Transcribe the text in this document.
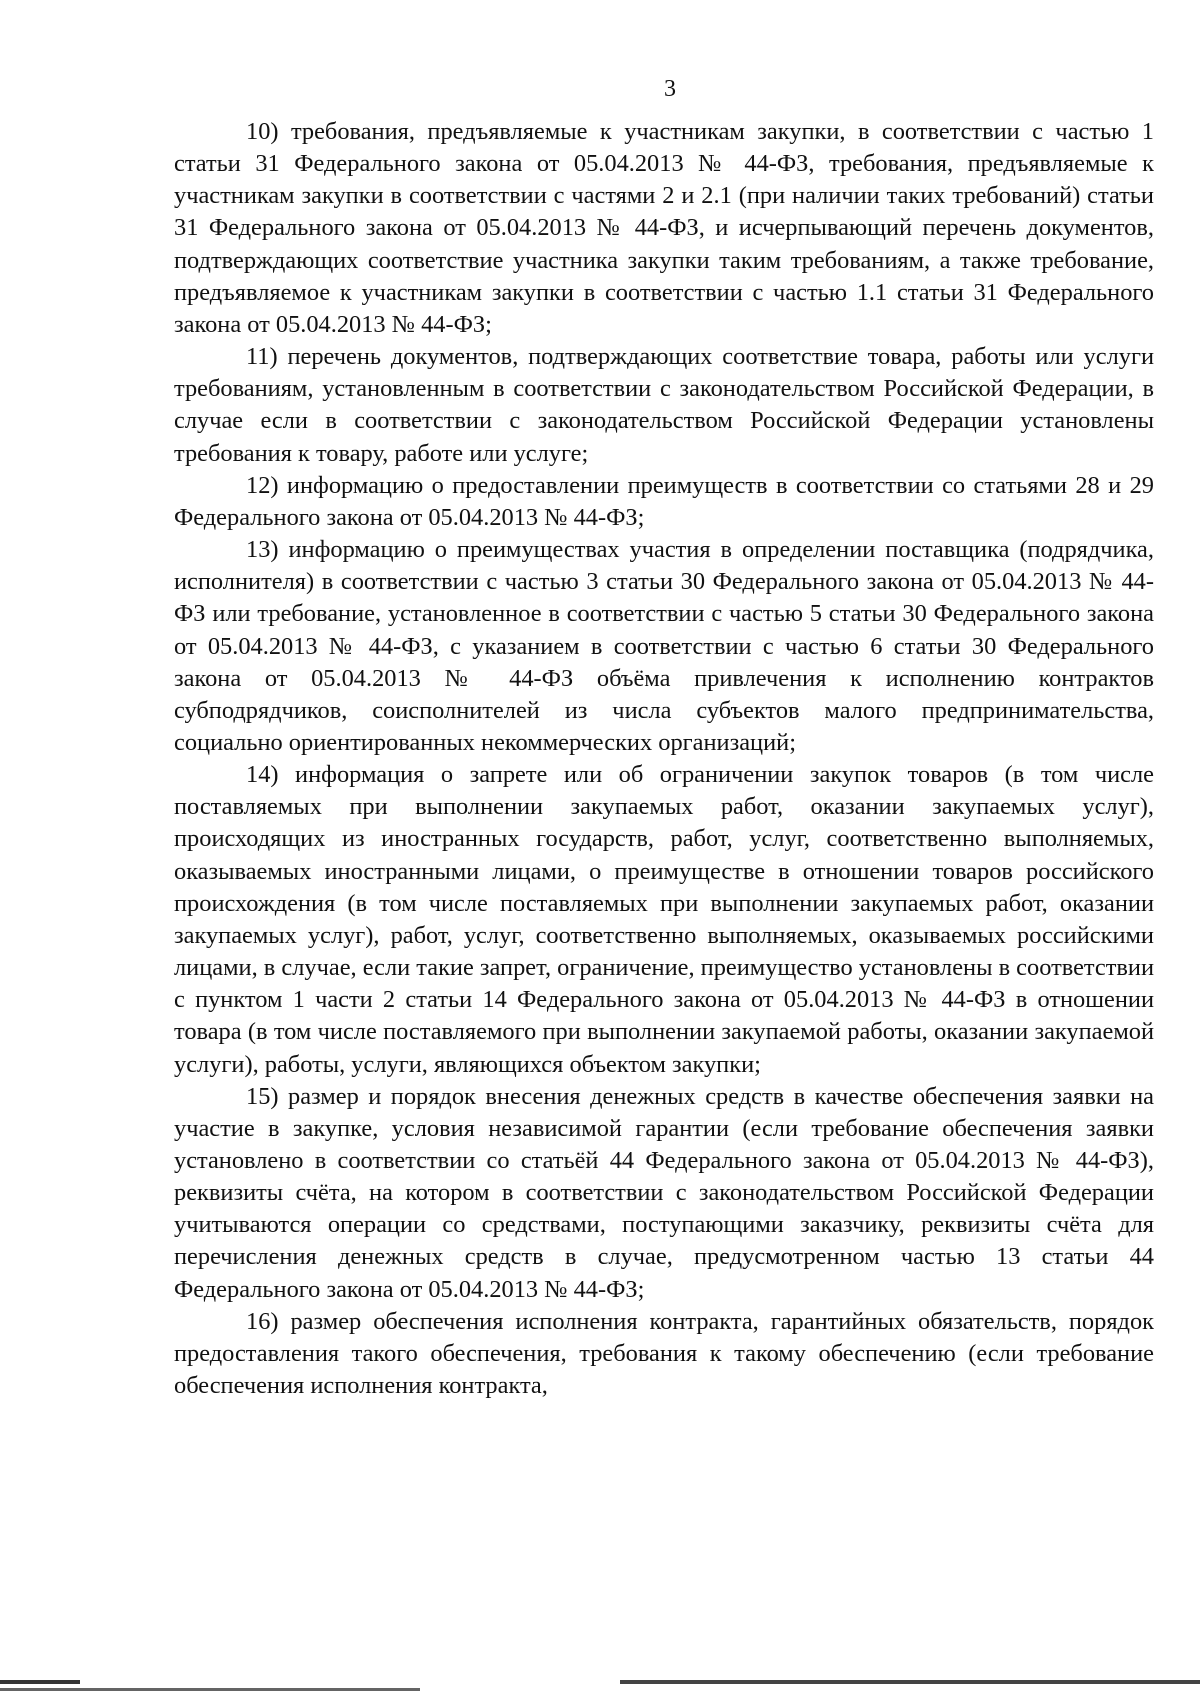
3

10) требования, предъявляемые к участникам закупки, в соответствии с частью 1 статьи 31 Федерального закона от 05.04.2013 № 44-ФЗ, требования, предъявляемые к участникам закупки в соответствии с частями 2 и 2.1 (при наличии таких требований) статьи 31 Федерального закона от 05.04.2013 № 44-ФЗ, и исчерпывающий перечень документов, подтверждающих соответствие участника закупки таким требованиям, а также требование, предъявляемое к участникам закупки в соответствии с частью 1.1 статьи 31 Федерального закона от 05.04.2013 № 44-ФЗ;

11) перечень документов, подтверждающих соответствие товара, работы или услуги требованиям, установленным в соответствии с законодательством Российской Федерации, в случае если в соответствии с законодательством Российской Федерации установлены требования к товару, работе или услуге;

12) информацию о предоставлении преимуществ в соответствии со статьями 28 и 29 Федерального закона от 05.04.2013 № 44-ФЗ;

13) информацию о преимуществах участия в определении поставщика (подрядчика, исполнителя) в соответствии с частью 3 статьи 30 Федерального закона от 05.04.2013 № 44-ФЗ или требование, установленное в соответствии с частью 5 статьи 30 Федерального закона от 05.04.2013 № 44-ФЗ, с указанием в соответствии с частью 6 статьи 30 Федерального закона от 05.04.2013 № 44-ФЗ объёма привлечения к исполнению контрактов субподрядчиков, соисполнителей из числа субъектов малого предпринимательства, социально ориентированных некоммерческих организаций;

14) информация о запрете или об ограничении закупок товаров (в том числе поставляемых при выполнении закупаемых работ, оказании закупаемых услуг), происходящих из иностранных государств, работ, услуг, соответственно выполняемых, оказываемых иностранными лицами, о преимуществе в отношении товаров российского происхождения (в том числе поставляемых при выполнении закупаемых работ, оказании закупаемых услуг), работ, услуг, соответственно выполняемых, оказываемых российскими лицами, в случае, если такие запрет, ограничение, преимущество установлены в соответствии с пунктом 1 части 2 статьи 14 Федерального закона от 05.04.2013 № 44-ФЗ в отношении товара (в том числе поставляемого при выполнении закупаемой работы, оказании закупаемой услуги), работы, услуги, являющихся объектом закупки;

15) размер и порядок внесения денежных средств в качестве обеспечения заявки на участие в закупке, условия независимой гарантии (если требование обеспечения заявки установлено в соответствии со статьёй 44 Федерального закона от 05.04.2013 № 44-ФЗ), реквизиты счёта, на котором в соответствии с законодательством Российской Федерации учитываются операции со средствами, поступающими заказчику, реквизиты счёта для перечисления денежных средств в случае, предусмотренном частью 13 статьи 44 Федерального закона от 05.04.2013 № 44-ФЗ;

16) размер обеспечения исполнения контракта, гарантийных обязательств, порядок предоставления такого обеспечения, требования к такому обеспечению (если требование обеспечения исполнения контракта,
